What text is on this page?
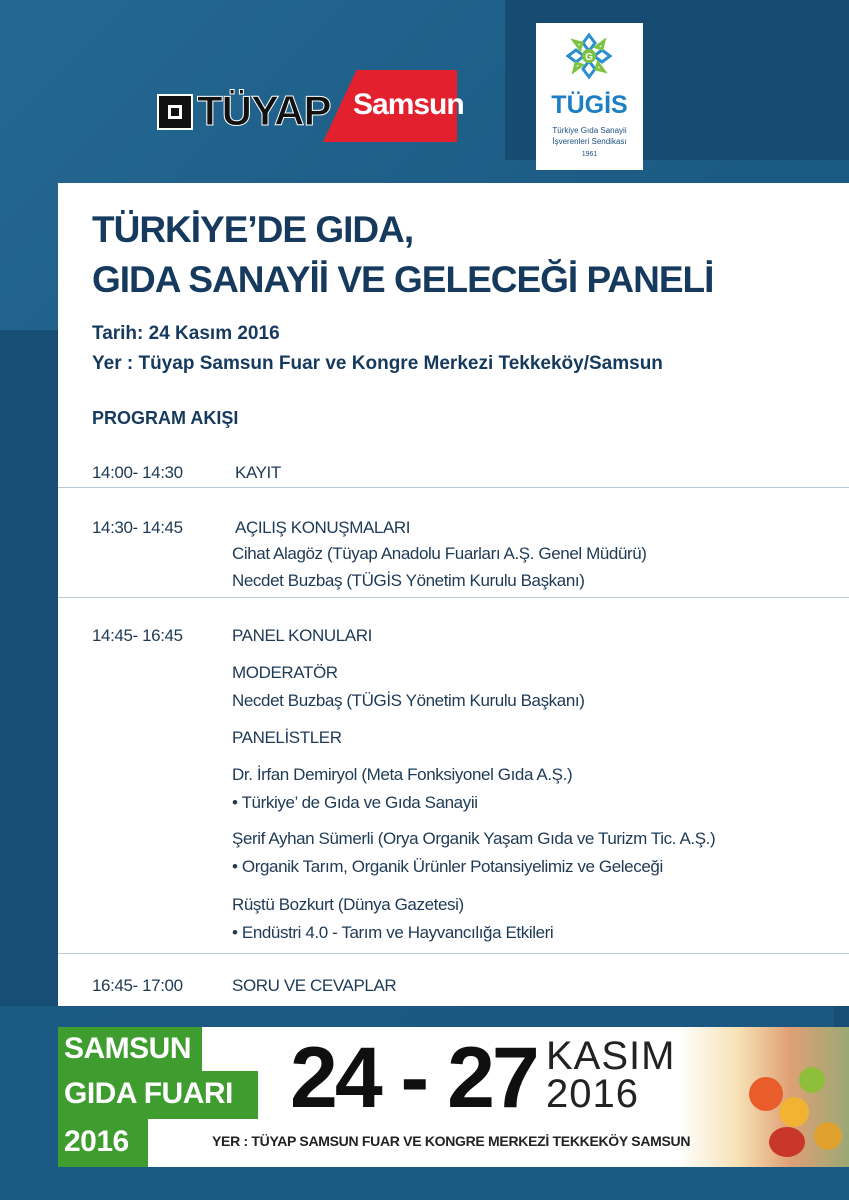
TÜYAP Samsun
G
TÜGİS
Türkiye Gıda Sanayii
İşverenleri Sendikası
1961
TÜRKİYE’DE GIDA,
GIDA SANAYİİ VE GELECEĞİ PANELİ
Tarih: 24 Kasım 2016
Yer : Tüyap Samsun Fuar ve Kongre Merkezi Tekkeköy/Samsun
PROGRAM AKIŞI
14:00- 14:30	KAYIT
14:30- 14:45	AÇILIŞ KONUŞMALARI
Cihat Alagöz (Tüyap Anadolu Fuarları A.Ş. Genel Müdürü)
Necdet Buzbaş (TÜGİS Yönetim Kurulu Başkanı)
14:45- 16:45	PANEL KONULARI
MODERATÖR
Necdet Buzbaş (TÜGİS Yönetim Kurulu Başkanı)
PANELİSTLER
Dr. İrfan Demiryol (Meta Fonksiyonel Gıda A.Ş.)
• Türkiye’ de Gıda ve Gıda Sanayii
Şerif Ayhan Sümerli (Orya Organik Yaşam Gıda ve Turizm Tic. A.Ş.)
• Organik Tarım, Organik Ürünler Potansiyelimiz ve Geleceği
Rüştü Bozkurt (Dünya Gazetesi)
• Endüstri 4.0 - Tarım ve Hayvancılığa Etkileri
16:45- 17:00	SORU VE CEVAPLAR
SAMSUN
GIDA FUARI
2016
24 - 27 KASIM
2016
YER : TÜYAP SAMSUN FUAR VE KONGRE MERKEZİ TEKKEKÖY SAMSUN
